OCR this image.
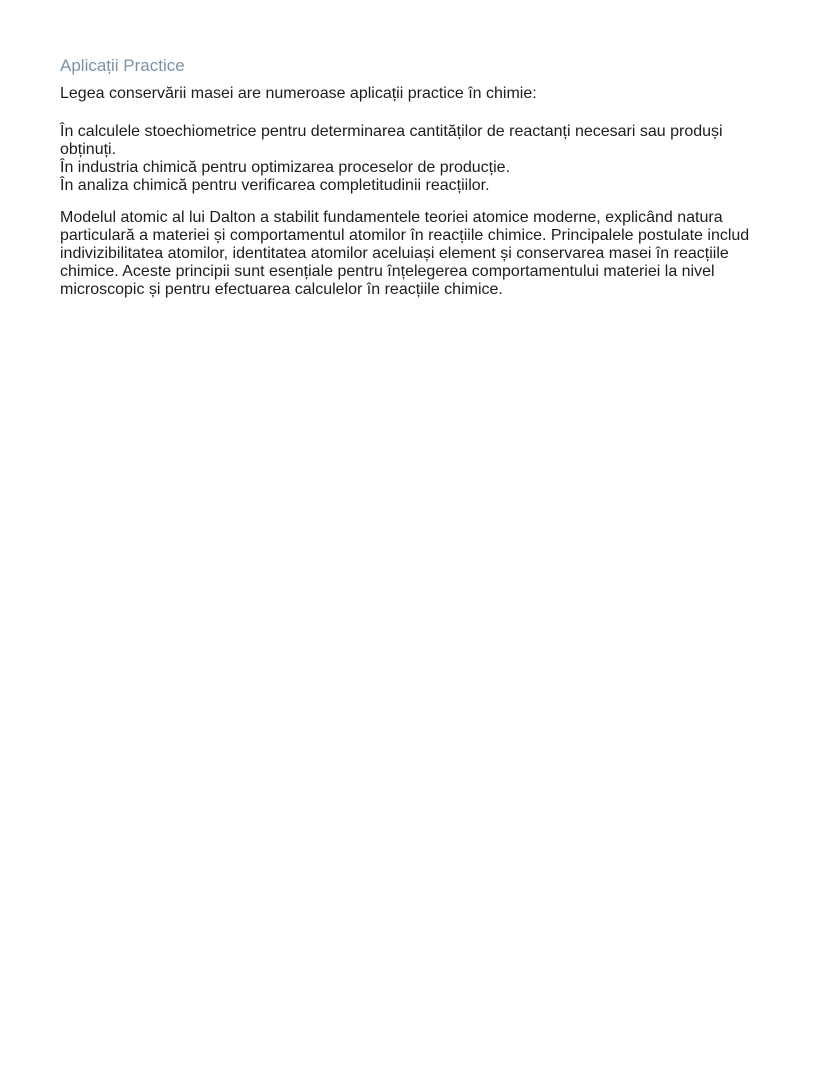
Aplicații Practice

Legea conservării masei are numeroase aplicații practice în chimie:

În calculele stoechiometrice pentru determinarea cantităților de reactanți necesari sau produși obținuți.
În industria chimică pentru optimizarea proceselor de producție.
În analiza chimică pentru verificarea completitudinii reacțiilor.

Modelul atomic al lui Dalton a stabilit fundamentele teoriei atomice moderne, explicând natura particulară a materiei și comportamentul atomilor în reacțiile chimice. Principalele postulate includ indivizibilitatea atomilor, identitatea atomilor aceluiași element și conservarea masei în reacțiile chimice. Aceste principii sunt esențiale pentru înțelegerea comportamentului materiei la nivel microscopic și pentru efectuarea calculelor în reacțiile chimice.
